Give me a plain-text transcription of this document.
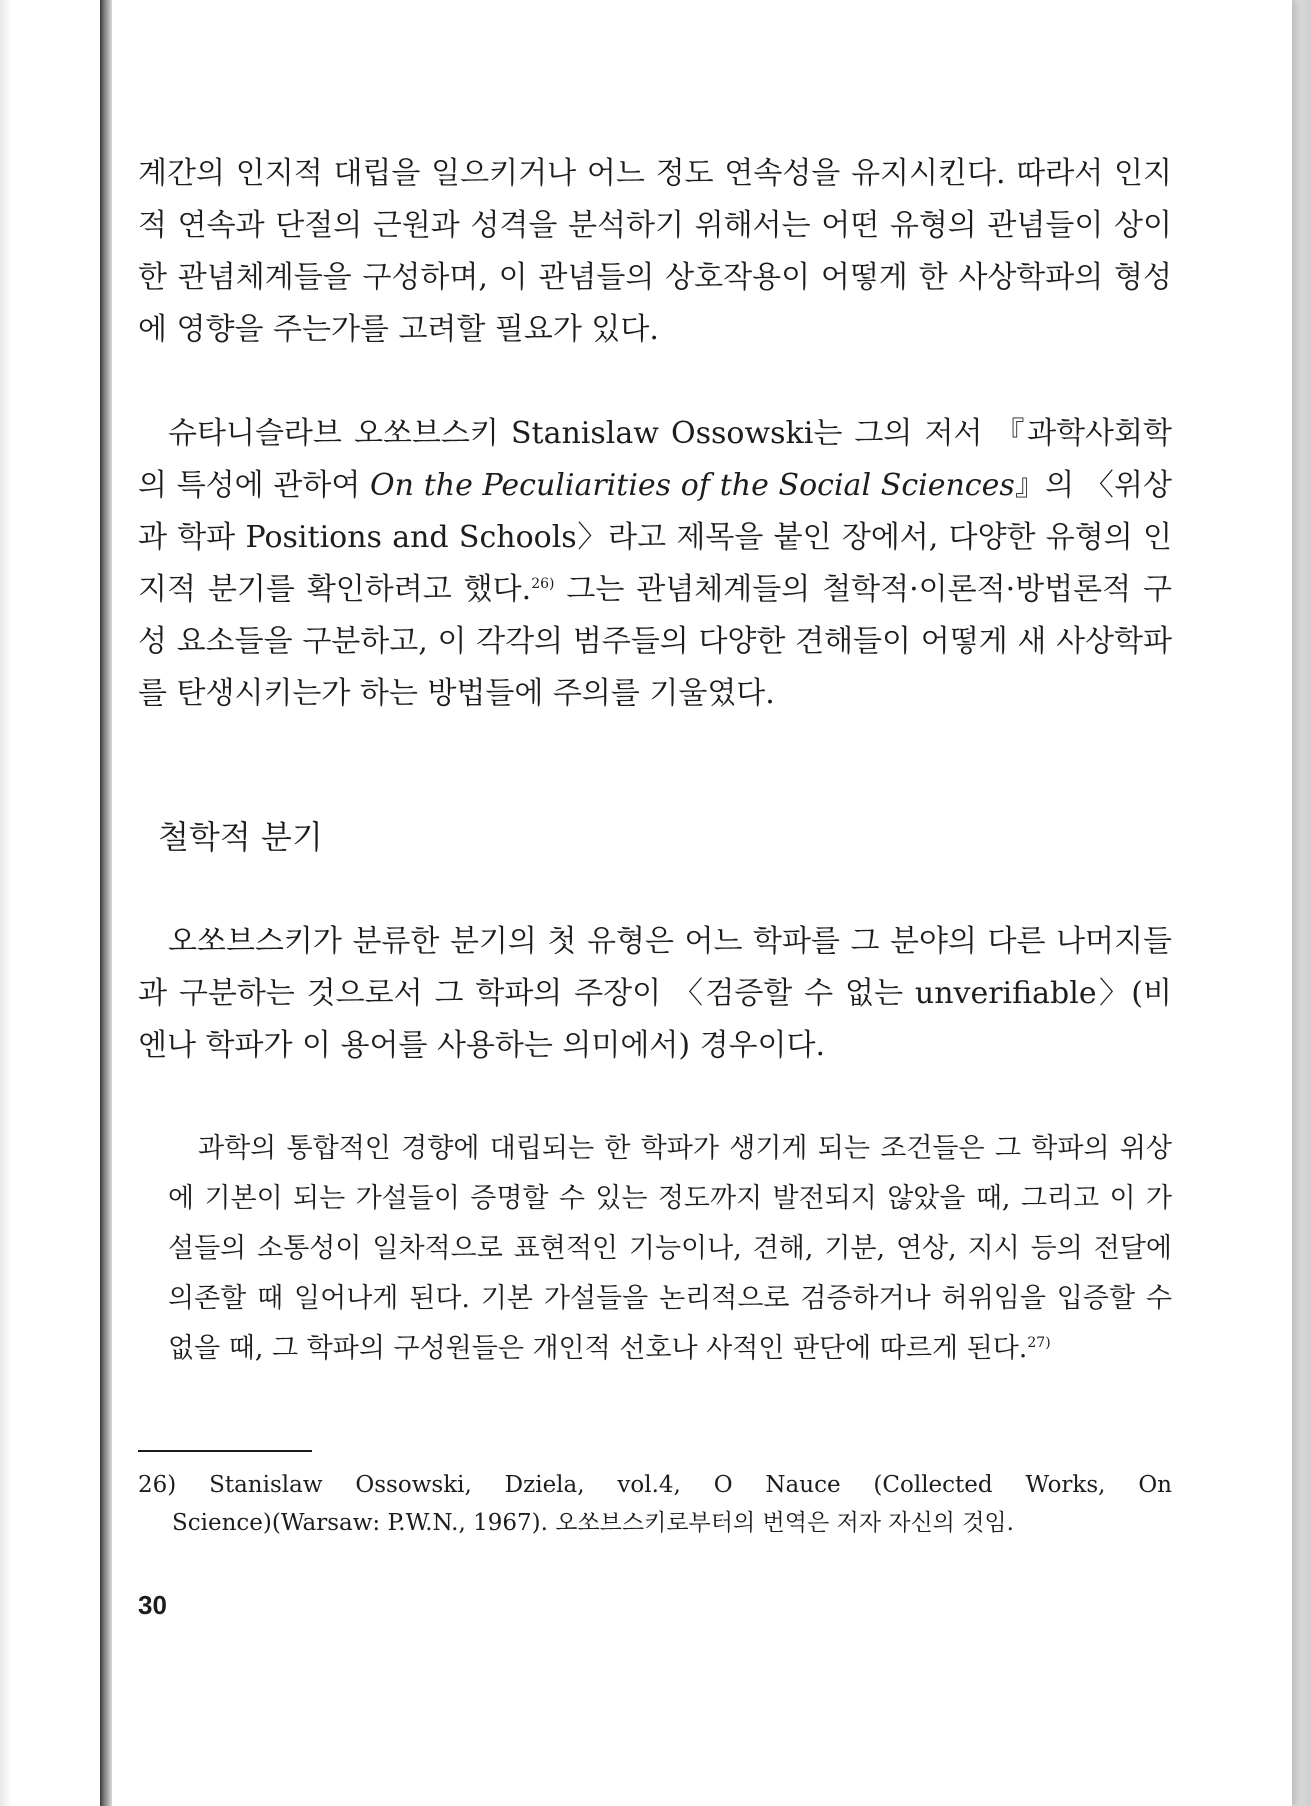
계간의 인지적 대립을 일으키거나 어느 정도 연속성을 유지시킨다. 따라서 인지적 연속과 단절의 근원과 성격을 분석하기 위해서는 어떤 유형의 관념들이 상이한 관념체계들을 구성하며, 이 관념들의 상호작용이 어떻게 한 사상학파의 형성에 영향을 주는가를 고려할 필요가 있다.

슈타니슬라브 오쏘브스키 Stanislaw Ossowski는 그의 저서 『과학사회학의 특성에 관하여 On the Peculiarities of the Social Sciences』의 〈위상과 학파 Positions and Schools〉라고 제목을 붙인 장에서, 다양한 유형의 인지적 분기를 확인하려고 했다.$^{26)}$ 그는 관념체계들의 철학적·이론적·방법론적 구성 요소들을 구분하고, 이 각각의 범주들의 다양한 견해들이 어떻게 새 사상학파를 탄생시키는가 하는 방법들에 주의를 기울였다.

철학적 분기

오쏘브스키가 분류한 분기의 첫 유형은 어느 학파를 그 분야의 다른 나머지들과 구분하는 것으로서 그 학파의 주장이 〈검증할 수 없는 unverifiable〉(비엔나 학파가 이 용어를 사용하는 의미에서) 경우이다.

과학의 통합적인 경향에 대립되는 한 학파가 생기게 되는 조건들은 그 학파의 위상에 기본이 되는 가설들이 증명할 수 있는 정도까지 발전되지 않았을 때, 그리고 이 가설들의 소통성이 일차적으로 표현적인 기능이나, 견해, 기분, 연상, 지시 등의 전달에 의존할 때 일어나게 된다. 기본 가설들을 논리적으로 검증하거나 허위임을 입증할 수 없을 때, 그 학파의 구성원들은 개인적 선호나 사적인 판단에 따르게 된다.$^{27)}$

26) Stanislaw Ossowski, Dziela, vol.4, O Nauce (Collected Works, On
Science)(Warsaw: P.W.N., 1967). 오쏘브스키로부터의 번역은 저자 자신의 것임.

30
